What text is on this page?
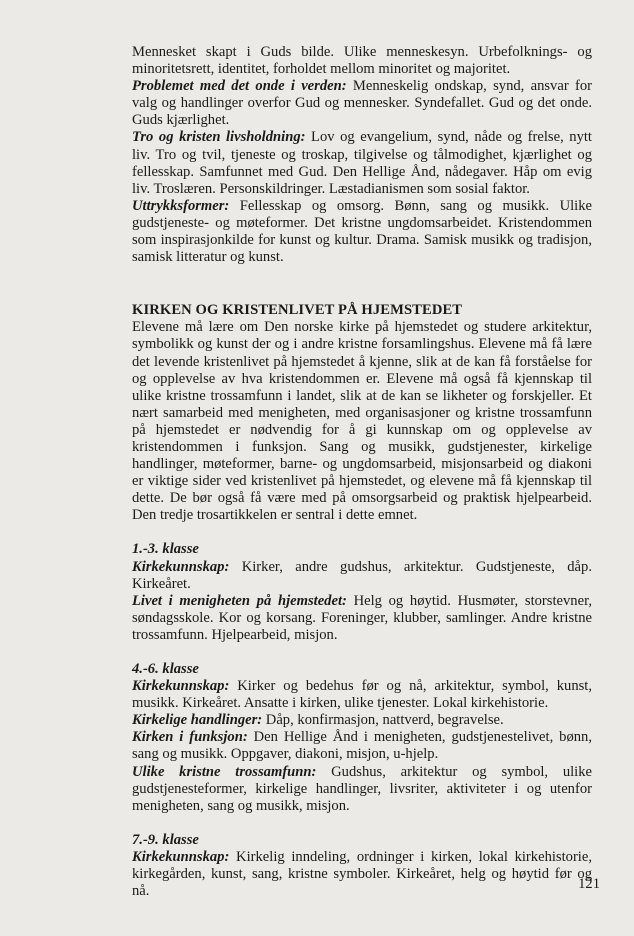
Mennesket skapt i Guds bilde. Ulike menneskesyn. Urbefolknings- og minoritetsrett, identitet, forholdet mellom minoritet og majoritet.

Problemet med det onde i verden: Menneskelig ondskap, synd, ansvar for valg og handlinger overfor Gud og mennesker. Syndefallet. Gud og det onde. Guds kjærlighet.

Tro og kristen livsholdning: Lov og evangelium, synd, nåde og frelse, nytt liv. Tro og tvil, tjeneste og troskap, tilgivelse og tålmodighet, kjærlighet og fellesskap. Samfunnet med Gud. Den Hellige Ånd, nådegaver. Håp om evig liv. Troslæren. Personskildringer. Læstadianismen som sosial faktor.

Uttrykksformer: Fellesskap og omsorg. Bønn, sang og musikk. Ulike gudstjeneste- og møteformer. Det kristne ungdomsarbeidet. Kristendommen som inspirasjonkilde for kunst og kultur. Drama. Samisk musikk og tradisjon, samisk litteratur og kunst.

KIRKEN OG KRISTENLIVET PÅ HJEMSTEDET

Elevene må lære om Den norske kirke på hjemstedet og studere arkitektur, symbolikk og kunst der og i andre kristne forsamlingshus. Elevene må få lære det levende kristenlivet på hjemstedet å kjenne, slik at de kan få forståelse for og opplevelse av hva kristendommen er. Elevene må også få kjennskap til ulike kristne trossamfunn i landet, slik at de kan se likheter og forskjeller. Et nært samarbeid med menigheten, med organisasjoner og kristne trossamfunn på hjemstedet er nødvendig for å gi kunnskap om og opplevelse av kristendommen i funksjon. Sang og musikk, gudstjenester, kirkelige handlinger, møteformer, barne- og ungdomsarbeid, misjonsarbeid og diakoni er viktige sider ved kristenlivet på hjemstedet, og elevene må få kjennskap til dette. De bør også få være med på omsorgsarbeid og praktisk hjelpearbeid. Den tredje trosartikkelen er sentral i dette emnet.

1.-3. klasse

Kirkekunnskap: Kirker, andre gudshus, arkitektur. Gudstjeneste, dåp. Kirkeåret.

Livet i menigheten på hjemstedet: Helg og høytid. Husmøter, storstevner, søndagsskole. Kor og korsang. Foreninger, klubber, samlinger. Andre kristne trossamfunn. Hjelpearbeid, misjon.

4.-6. klasse

Kirkekunnskap: Kirker og bedehus før og nå, arkitektur, symbol, kunst, musikk. Kirkeåret. Ansatte i kirken, ulike tjenester. Lokal kirkehistorie.

Kirkelige handlinger: Dåp, konfirmasjon, nattverd, begravelse.

Kirken i funksjon: Den Hellige Ånd i menigheten, gudstjenestelivet, bønn, sang og musikk. Oppgaver, diakoni, misjon, u-hjelp.

Ulike kristne trossamfunn: Gudshus, arkitektur og symbol, ulike gudstjenesteformer, kirkelige handlinger, livsriter, aktiviteter i og utenfor menigheten, sang og musikk, misjon.

7.-9. klasse

Kirkekunnskap: Kirkelig inndeling, ordninger i kirken, lokal kirkehistorie, kirkegården, kunst, sang, kristne symboler. Kirkeåret, helg og høytid før og nå.	121
